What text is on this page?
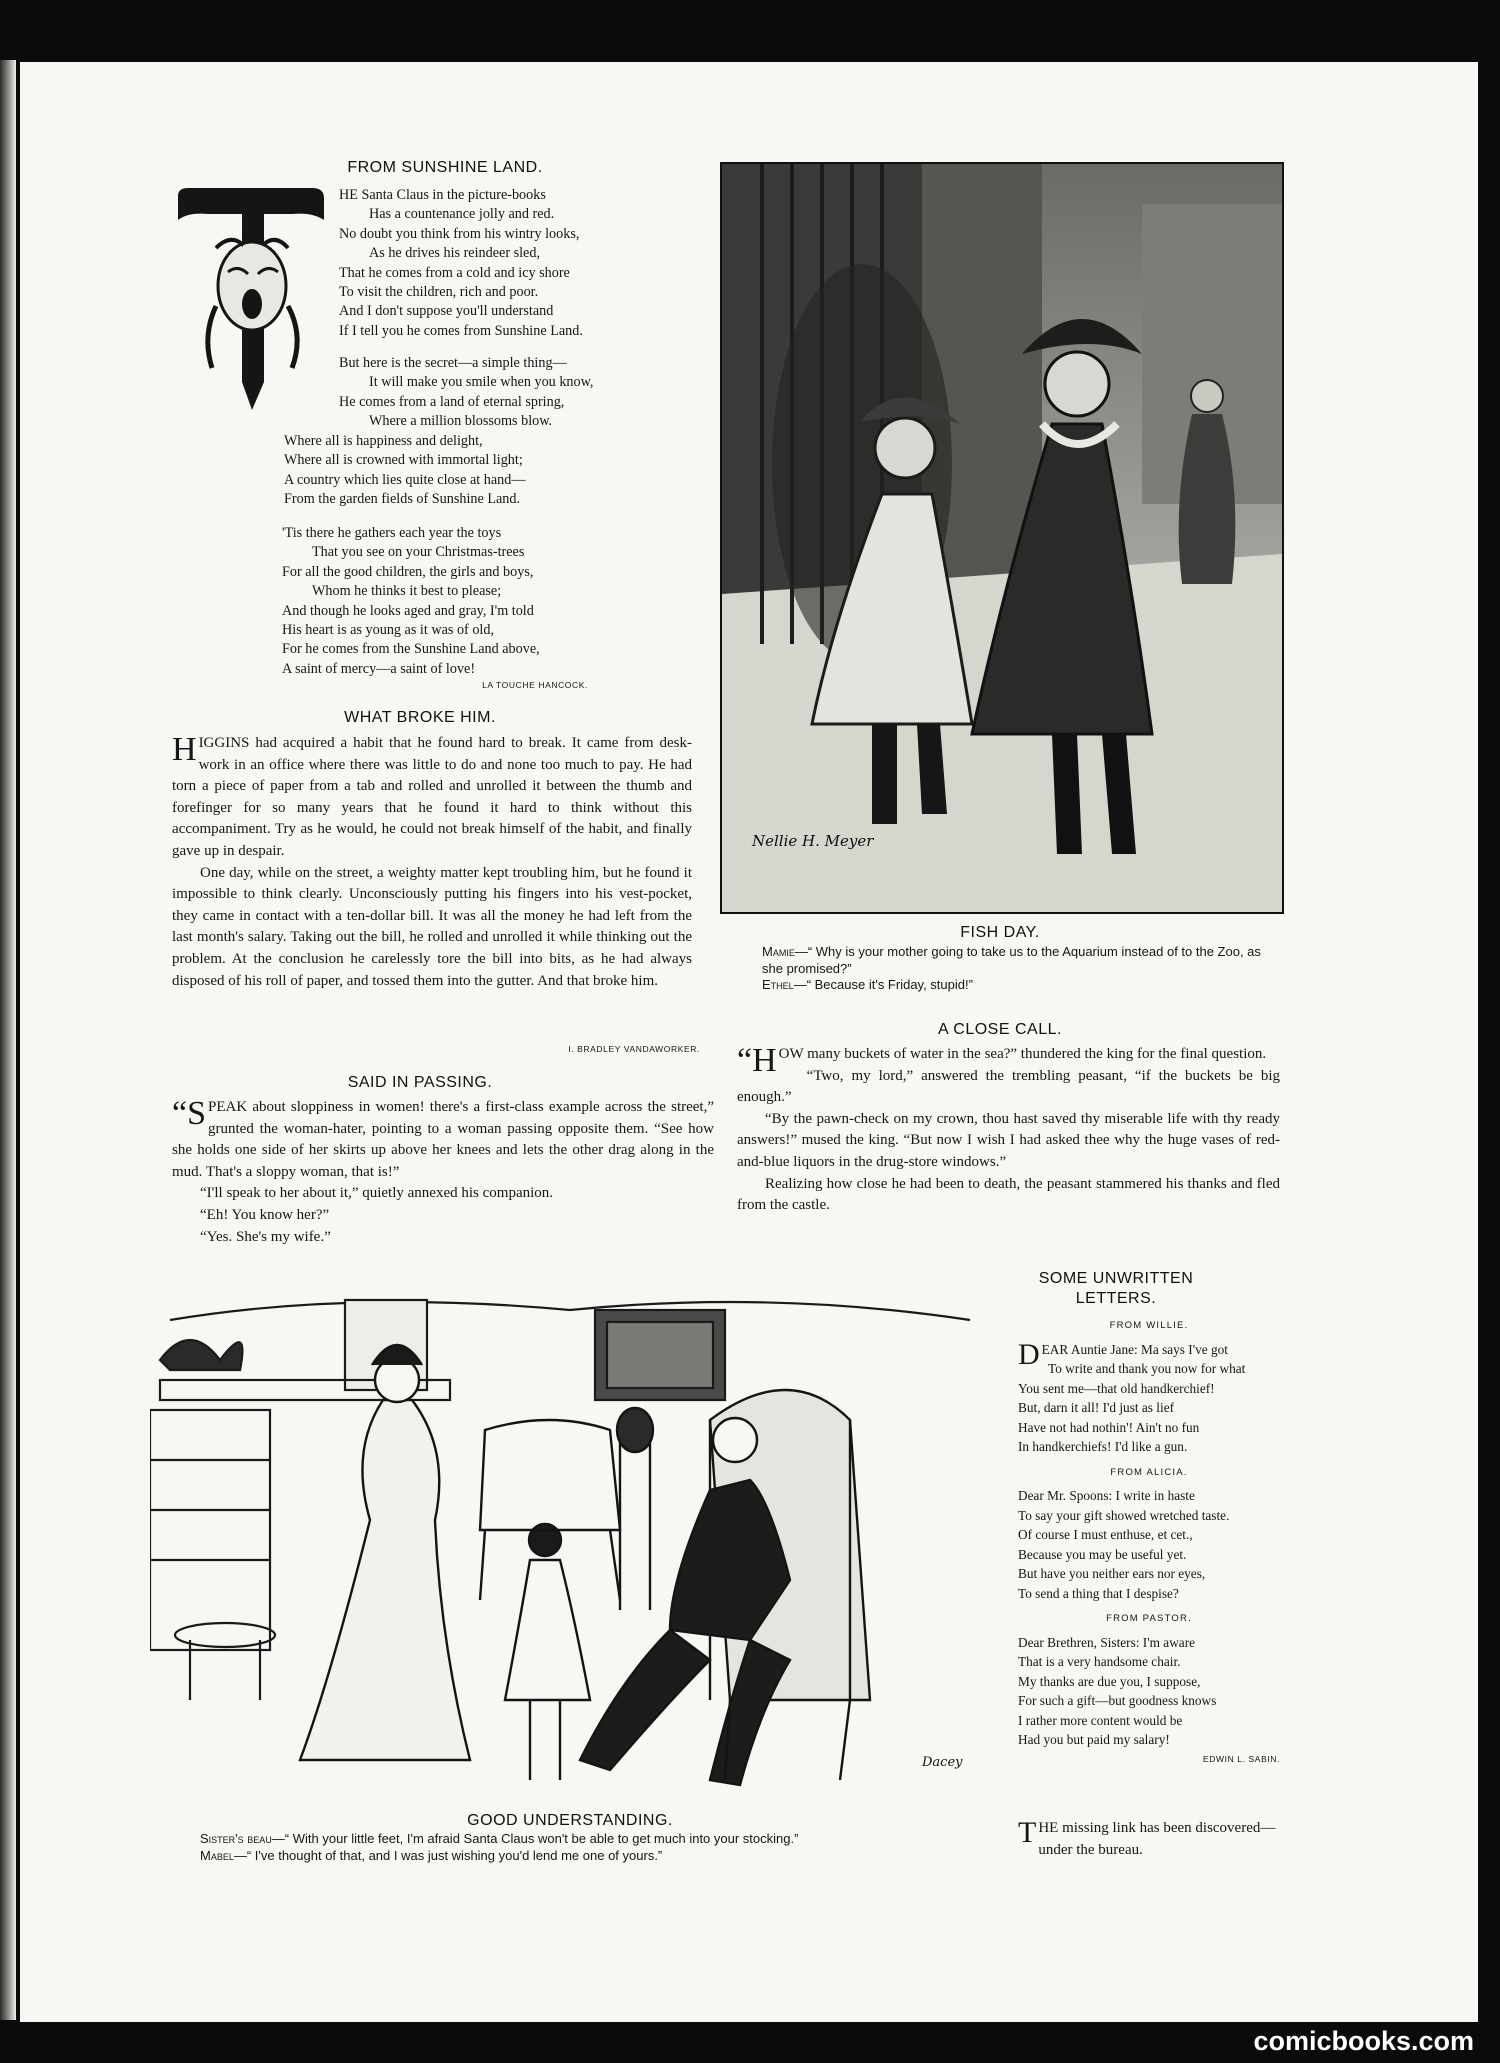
FROM SUNSHINE LAND.
HE Santa Claus in the picture-books
Has a countenance jolly and red.
No doubt you think from his wintry looks,
As he drives his reindeer sled,
That he comes from a cold and icy shore
To visit the children, rich and poor.
And I don't suppose you'll understand
If I tell you he comes from Sunshine Land.
But here is the secret—a simple thing—
It will make you smile when you know,
He comes from a land of eternal spring,
Where a million blossoms blow.
Where all is happiness and delight,
Where all is crowned with immortal light;
A country which lies quite close at hand—
From the garden fields of Sunshine Land.
'Tis there he gathers each year the toys
That you see on your Christmas-trees
For all the good children, the girls and boys,
Whom he thinks it best to please;
And though he looks aged and gray, I'm told
His heart is as young as it was of old,
For he comes from the Sunshine Land above,
A saint of mercy—a saint of love!
LA TOUCHE HANCOCK.
WHAT BROKE HIM.

HIGGINS had acquired a habit that he found hard to break. It came from desk-work in an office where there was little to do and none too much to pay. He had torn a piece of paper from a tab and rolled and unrolled it between the thumb and forefinger for so many years that he found it hard to think without this accompaniment. Try as he would, he could not break himself of the habit, and finally gave up in despair.

One day, while on the street, a weighty matter kept troubling him, but he found it impossible to think clearly. Unconsciously putting his fingers into his vest-pocket, they came in contact with a ten-dollar bill. It was all the money he had left from the last month's salary. Taking out the bill, he rolled and unrolled it while thinking out the problem. At the conclusion he carelessly tore the bill into bits, as he had always disposed of his roll of paper, and tossed them into the gutter. And that broke him.

I. BRADLEY VANDAWORKER.
SAID IN PASSING.

“SPEAK about sloppiness in women! there's a first-class example across the street,” grunted the woman-hater, pointing to a woman passing opposite them. “See how she holds one side of her skirts up above her knees and lets the other drag along in the mud. That's a sloppy woman, that is!”

“I'll speak to her about it,” quietly annexed his companion.

“Eh! You know her?”

“Yes. She's my wife.”

Nellie H. Meyer
FISH DAY.
Mamie—“ Why is your mother going to take us to the Aquarium instead of to the Zoo, as she promised?”
Ethel—“ Because it's Friday, stupid!”
A CLOSE CALL.

“HOW many buckets of water in the sea?” thundered the king for the final question.

“Two, my lord,” answered the trembling peasant, “if the buckets be big enough.”

“By the pawn-check on my crown, thou hast saved thy miserable life with thy ready answers!” mused the king. “But now I wish I had asked thee why the huge vases of red-and-blue liquors in the drug-store windows.”

Realizing how close he had been to death, the peasant stammered his thanks and fled from the castle.

Dacey
GOOD UNDERSTANDING.
Sister's beau—“ With your little feet, I'm afraid Santa Claus won't be able to get much into your stocking.”
Mabel—“ I've thought of that, and I was just wishing you'd lend me one of yours.”
SOME UNWRITTEN LETTERS.
FROM WILLIE.
DEAR Auntie Jane: Ma says I've got
To write and thank you now for what
You sent me—that old handkerchief!
But, darn it all! I'd just as lief
Have not had nothin'! Ain't no fun
In handkerchiefs! I'd like a gun.
FROM ALICIA.
Dear Mr. Spoons: I write in haste
To say your gift showed wretched taste.
Of course I must enthuse, et cet.,
Because you may be useful yet.
But have you neither ears nor eyes,
To send a thing that I despise?
FROM PASTOR.
Dear Brethren, Sisters: I'm aware
That is a very handsome chair.
My thanks are due you, I suppose,
For such a gift—but goodness knows
I rather more content would be
Had you but paid my salary!
EDWIN L. SABIN.
THE missing link has been discovered—under the bureau.
comicbooks.com
